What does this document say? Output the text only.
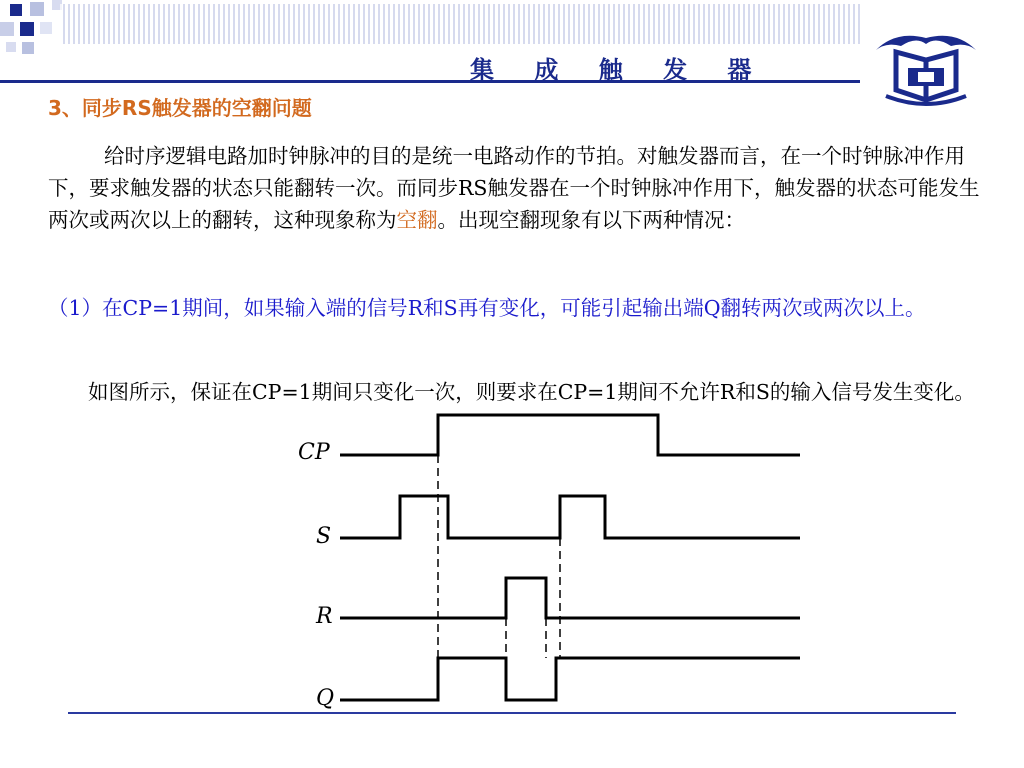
集 成 触 发 器
3、同步RS触发器的空翻问题
给时序逻辑电路加时钟脉冲的目的是统一电路动作的节拍。对触发器而言，在一个时钟脉冲作用下，要求触发器的状态只能翻转一次。而同步RS触发器在一个时钟脉冲作用下，触发器的状态可能发生两次或两次以上的翻转，这种现象称为空翻。出现空翻现象有以下两种情况：
（1）在CP=1期间，如果输入端的信号R和S再有变化，可能引起输出端Q翻转两次或两次以上。
如图所示，保证在CP=1期间只变化一次，则要求在CP=1期间不允许R和S的输入信号发生变化。
CP
S
R
Q
